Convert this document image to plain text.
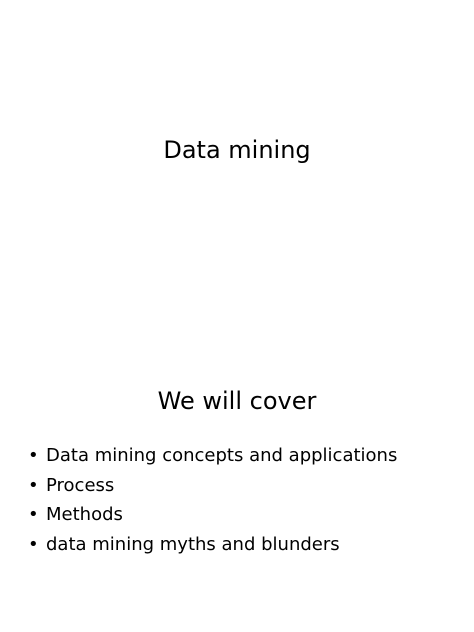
Data mining
We will cover
• Data mining concepts and applications
• Process
• Methods
• data mining myths and blunders
